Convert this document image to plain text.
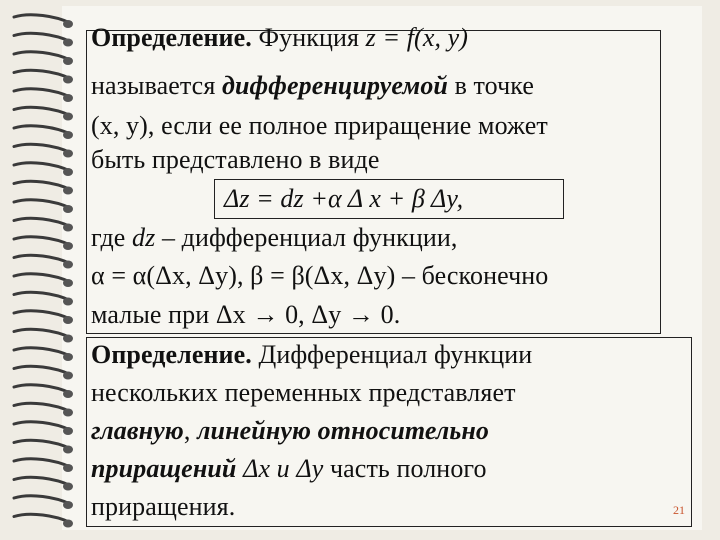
Определение. Функция z = f(x, y)
называется дифференцируемой в точке
(x, y), если ее полное приращение может
быть представлено в виде
Δz = dz +α Δ x + β Δy,
где dz – дифференциал функции,
α = α(Δx, Δy), β = β(Δx, Δy) – бесконечно
малые при Δx → 0, Δy → 0.
Определение. Дифференциал функции
нескольких переменных представляет
главную, линейную относительно
приращений Δx и Δy часть полного
приращения.	21
